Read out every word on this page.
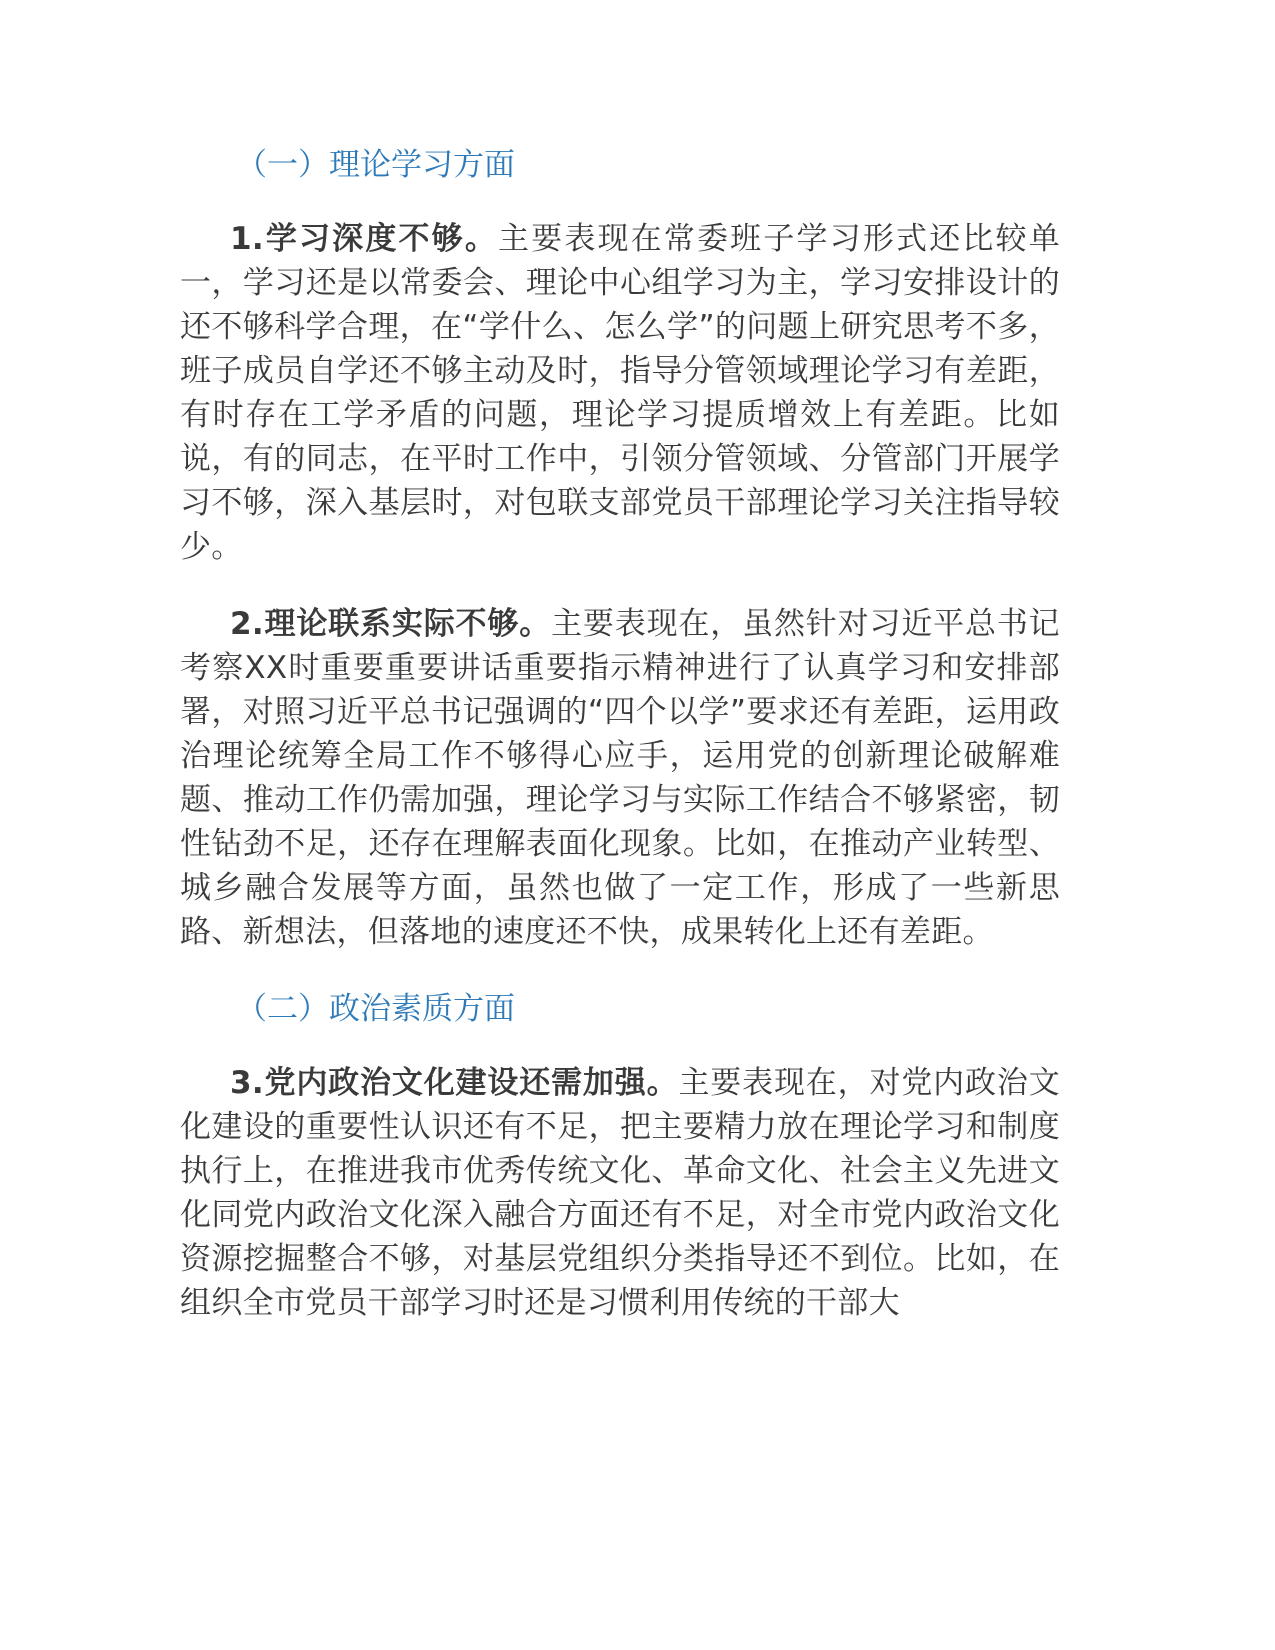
（一）理论学习方面

1.学习深度不够。主要表现在常委班子学习形式还比较单一，学习还是以常委会、理论中心组学习为主，学习安排设计的还不够科学合理，在“学什么、怎么学”的问题上研究思考不多，班子成员自学还不够主动及时，指导分管领域理论学习有差距，有时存在工学矛盾的问题，理论学习提质增效上有差距。比如说，有的同志，在平时工作中，引领分管领域、分管部门开展学习不够，深入基层时，对包联支部党员干部理论学习关注指导较少。

2.理论联系实际不够。主要表现在，虽然针对习近平总书记考察XX时重要重要讲话重要指示精神进行了认真学习和安排部署，对照习近平总书记强调的“四个以学”要求还有差距，运用政治理论统筹全局工作不够得心应手，运用党的创新理论破解难题、推动工作仍需加强，理论学习与实际工作结合不够紧密，韧性钻劲不足，还存在理解表面化现象。比如，在推动产业转型、城乡融合发展等方面，虽然也做了一定工作，形成了一些新思路、新想法，但落地的速度还不快，成果转化上还有差距。

（二）政治素质方面

3.党内政治文化建设还需加强。主要表现在，对党内政治文化建设的重要性认识还有不足，把主要精力放在理论学习和制度执行上，在推进我市优秀传统文化、革命文化、社会主义先进文化同党内政治文化深入融合方面还有不足，对全市党内政治文化资源挖掘整合不够，对基层党组织分类指导还不到位。比如，在组织全市党员干部学习时还是习惯利用传统的干部大
